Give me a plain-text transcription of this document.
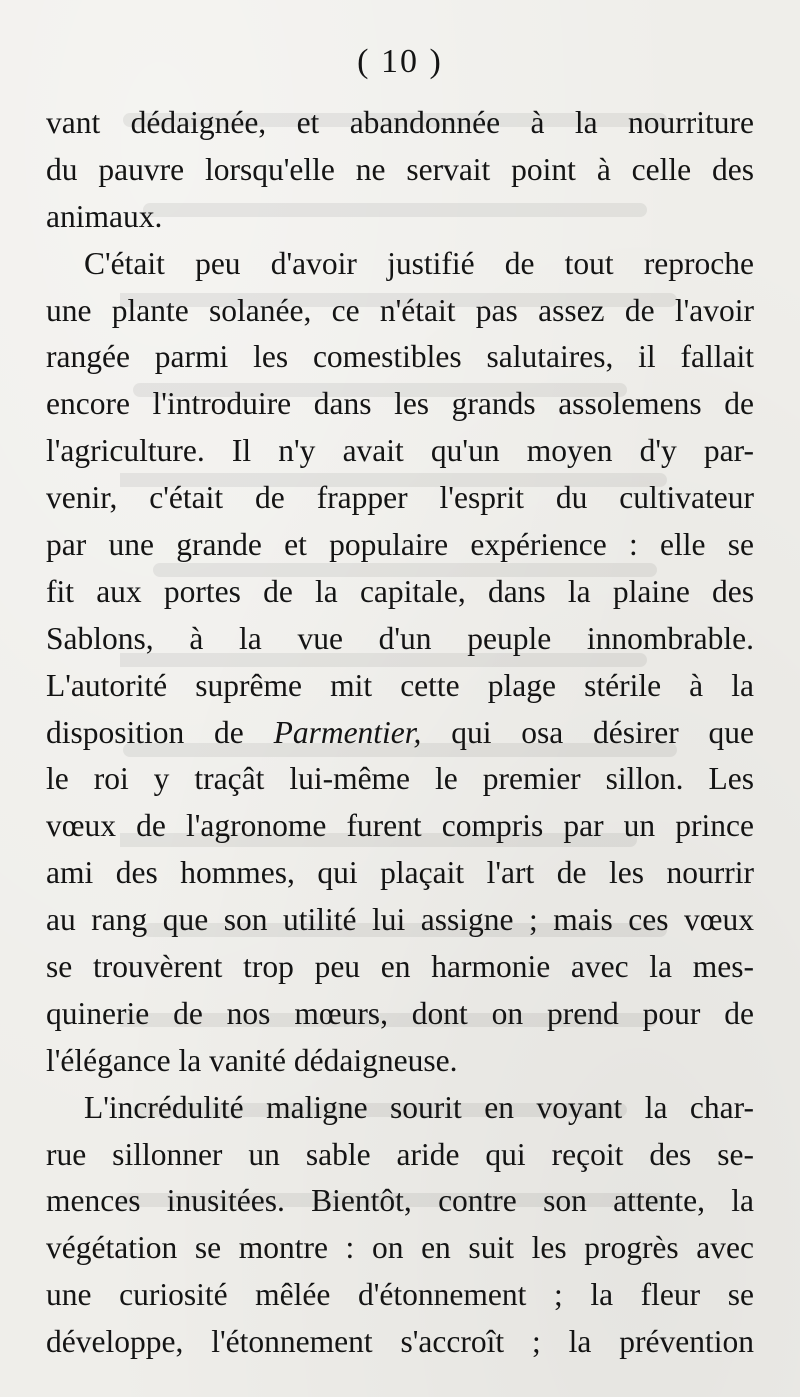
( 10 )
vant dédaignée, et abandonnée à la nourriture
du pauvre lorsqu'elle ne servait point à celle des
animaux.
C'était peu d'avoir justifié de tout reproche
une plante solanée, ce n'était pas assez de l'avoir
rangée parmi les comestibles salutaires, il fallait
encore l'introduire dans les grands assolemens de
l'agriculture. Il n'y avait qu'un moyen d'y par-
venir, c'était de frapper l'esprit du cultivateur
par une grande et populaire expérience : elle se
fit aux portes de la capitale, dans la plaine des
Sablons, à la vue d'un peuple innombrable.
L'autorité suprême mit cette plage stérile à la
disposition de Parmentier, qui osa désirer que
le roi y traçât lui-même le premier sillon. Les
vœux de l'agronome furent compris par un prince
ami des hommes, qui plaçait l'art de les nourrir
au rang que son utilité lui assigne ; mais ces vœux
se trouvèrent trop peu en harmonie avec la mes-
quinerie de nos mœurs, dont on prend pour de
l'élégance la vanité dédaigneuse.
L'incrédulité maligne sourit en voyant la char-
rue sillonner un sable aride qui reçoit des se-
mences inusitées. Bientôt, contre son attente, la
végétation se montre : on en suit les progrès avec
une curiosité mêlée d'étonnement ; la fleur se
développe, l'étonnement s'accroît ; la prévention
